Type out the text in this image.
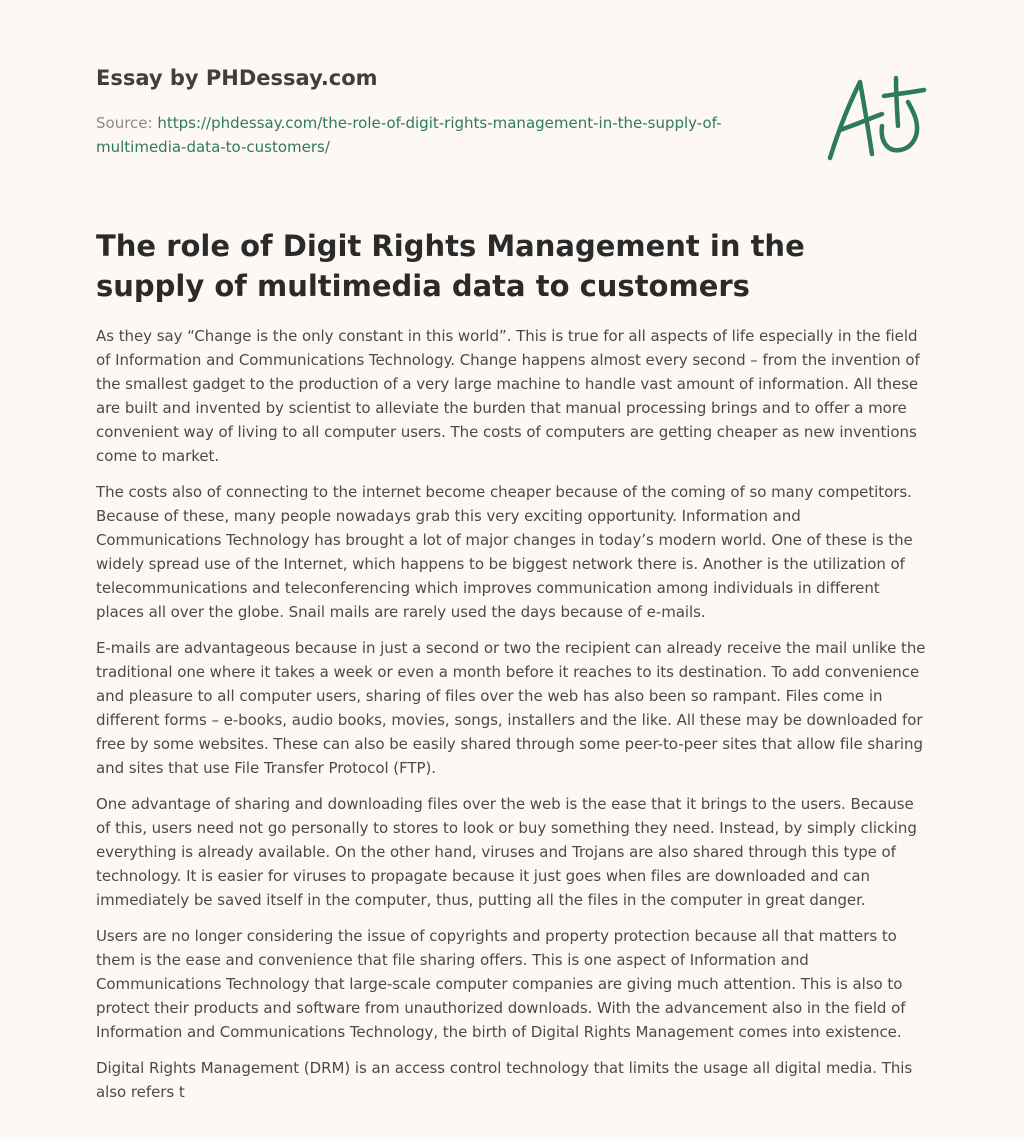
Essay by PHDessay.com
Source: https://phdessay.com/the-role-of-digit-rights-management-in-the-supply-of-multimedia-data-to-customers/
The role of Digit Rights Management in the supply of multimedia data to customers

As they say “Change is the only constant in this world”. This is true for all aspects of life especially in the field of Information and Communications Technology. Change happens almost every second – from the invention of the smallest gadget to the production of a very large machine to handle vast amount of information. All these are built and invented by scientist to alleviate the burden that manual processing brings and to offer a more convenient way of living to all computer users. The costs of computers are getting cheaper as new inventions come to market.

The costs also of connecting to the internet become cheaper because of the coming of so many competitors. Because of these, many people nowadays grab this very exciting opportunity. Information and Communications Technology has brought a lot of major changes in today’s modern world. One of these is the widely spread use of the Internet, which happens to be biggest network there is. Another is the utilization of telecommunications and teleconferencing which improves communication among individuals in different places all over the globe. Snail mails are rarely used the days because of e-mails.

E-mails are advantageous because in just a second or two the recipient can already receive the mail unlike the traditional one where it takes a week or even a month before it reaches to its destination. To add convenience and pleasure to all computer users, sharing of files over the web has also been so rampant. Files come in different forms – e-books, audio books, movies, songs, installers and the like. All these may be downloaded for free by some websites. These can also be easily shared through some peer-to-peer sites that allow file sharing and sites that use File Transfer Protocol (FTP).

One advantage of sharing and downloading files over the web is the ease that it brings to the users. Because of this, users need not go personally to stores to look or buy something they need. Instead, by simply clicking everything is already available. On the other hand, viruses and Trojans are also shared through this type of technology. It is easier for viruses to propagate because it just goes when files are downloaded and can immediately be saved itself in the computer, thus, putting all the files in the computer in great danger.

Users are no longer considering the issue of copyrights and property protection because all that matters to them is the ease and convenience that file sharing offers. This is one aspect of Information and Communications Technology that large-scale computer companies are giving much attention. This is also to protect their products and software from unauthorized downloads. With the advancement also in the field of Information and Communications Technology, the birth of Digital Rights Management comes into existence.

Digital Rights Management (DRM) is an access control technology that limits the usage all digital media. This also refers t
